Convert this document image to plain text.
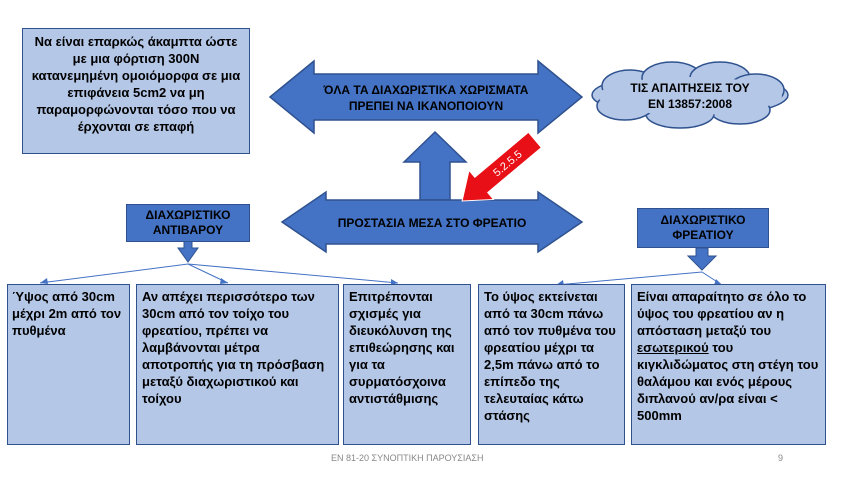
5.2.5.5
Να είναι επαρκώς άκαμπτα ώστε με μια φόρτιση 300Ν κατανεμημένη ομοιόμορφα σε μια επιφάνεια 5cm2 να μη παραμορφώνονται τόσο που να έρχονται σε επαφή
ΌΛΑ ΤΑ ΔΙΑΧΩΡΙΣΤΙΚΑ ΧΩΡΙΣΜΑΤΑ ΠΡΕΠΕΙ ΝΑ ΙΚΑΝΟΠΟΙΟΥΝ
ΤΙΣ ΑΠΑΙΤΗΣΕΙΣ ΤΟΥ ΕΝ 13857:2008
ΠΡΟΣΤΑΣΙΑ ΜΕΣΑ ΣΤΟ ΦΡΕΑΤΙΟ
ΔΙΑΧΩΡΙΣΤΙΚΟ ΑΝΤΙΒΑΡΟΥ
ΔΙΑΧΩΡΙΣΤΙΚΟ ΦΡΕΑΤΙΟΥ
Ύψος από 30cm μέχρι 2m από τον πυθμένα
Αν απέχει περισσότερο των 30cm από τον τοίχο του φρεατίου, πρέπει να λαμβάνονται μέτρα αποτροπής για τη πρόσβαση μεταξύ διαχωριστικού και τοίχου
Επιτρέπονται σχισμές για διευκόλυνση της επιθεώρησης και για τα συρματόσχοινα αντιστάθμισης
Το ύψος εκτείνεται από τα 30cm πάνω από τον πυθμένα του φρεατίου μέχρι τα 2,5m πάνω από το επίπεδο της τελευταίας κάτω στάσης
Είναι απαραίτητο σε όλο το ύψος του φρεατίου αν η απόσταση μεταξύ του εσωτερικού του κιγκλιδώματος στη στέγη του θαλάμου και ενός μέρους διπλανού αν/ρα είναι < 500mm
ΕΝ 81-20 ΣΥΝΟΠΤΙΚΗ ΠΑΡΟΥΣΙΑΣΗ	9
